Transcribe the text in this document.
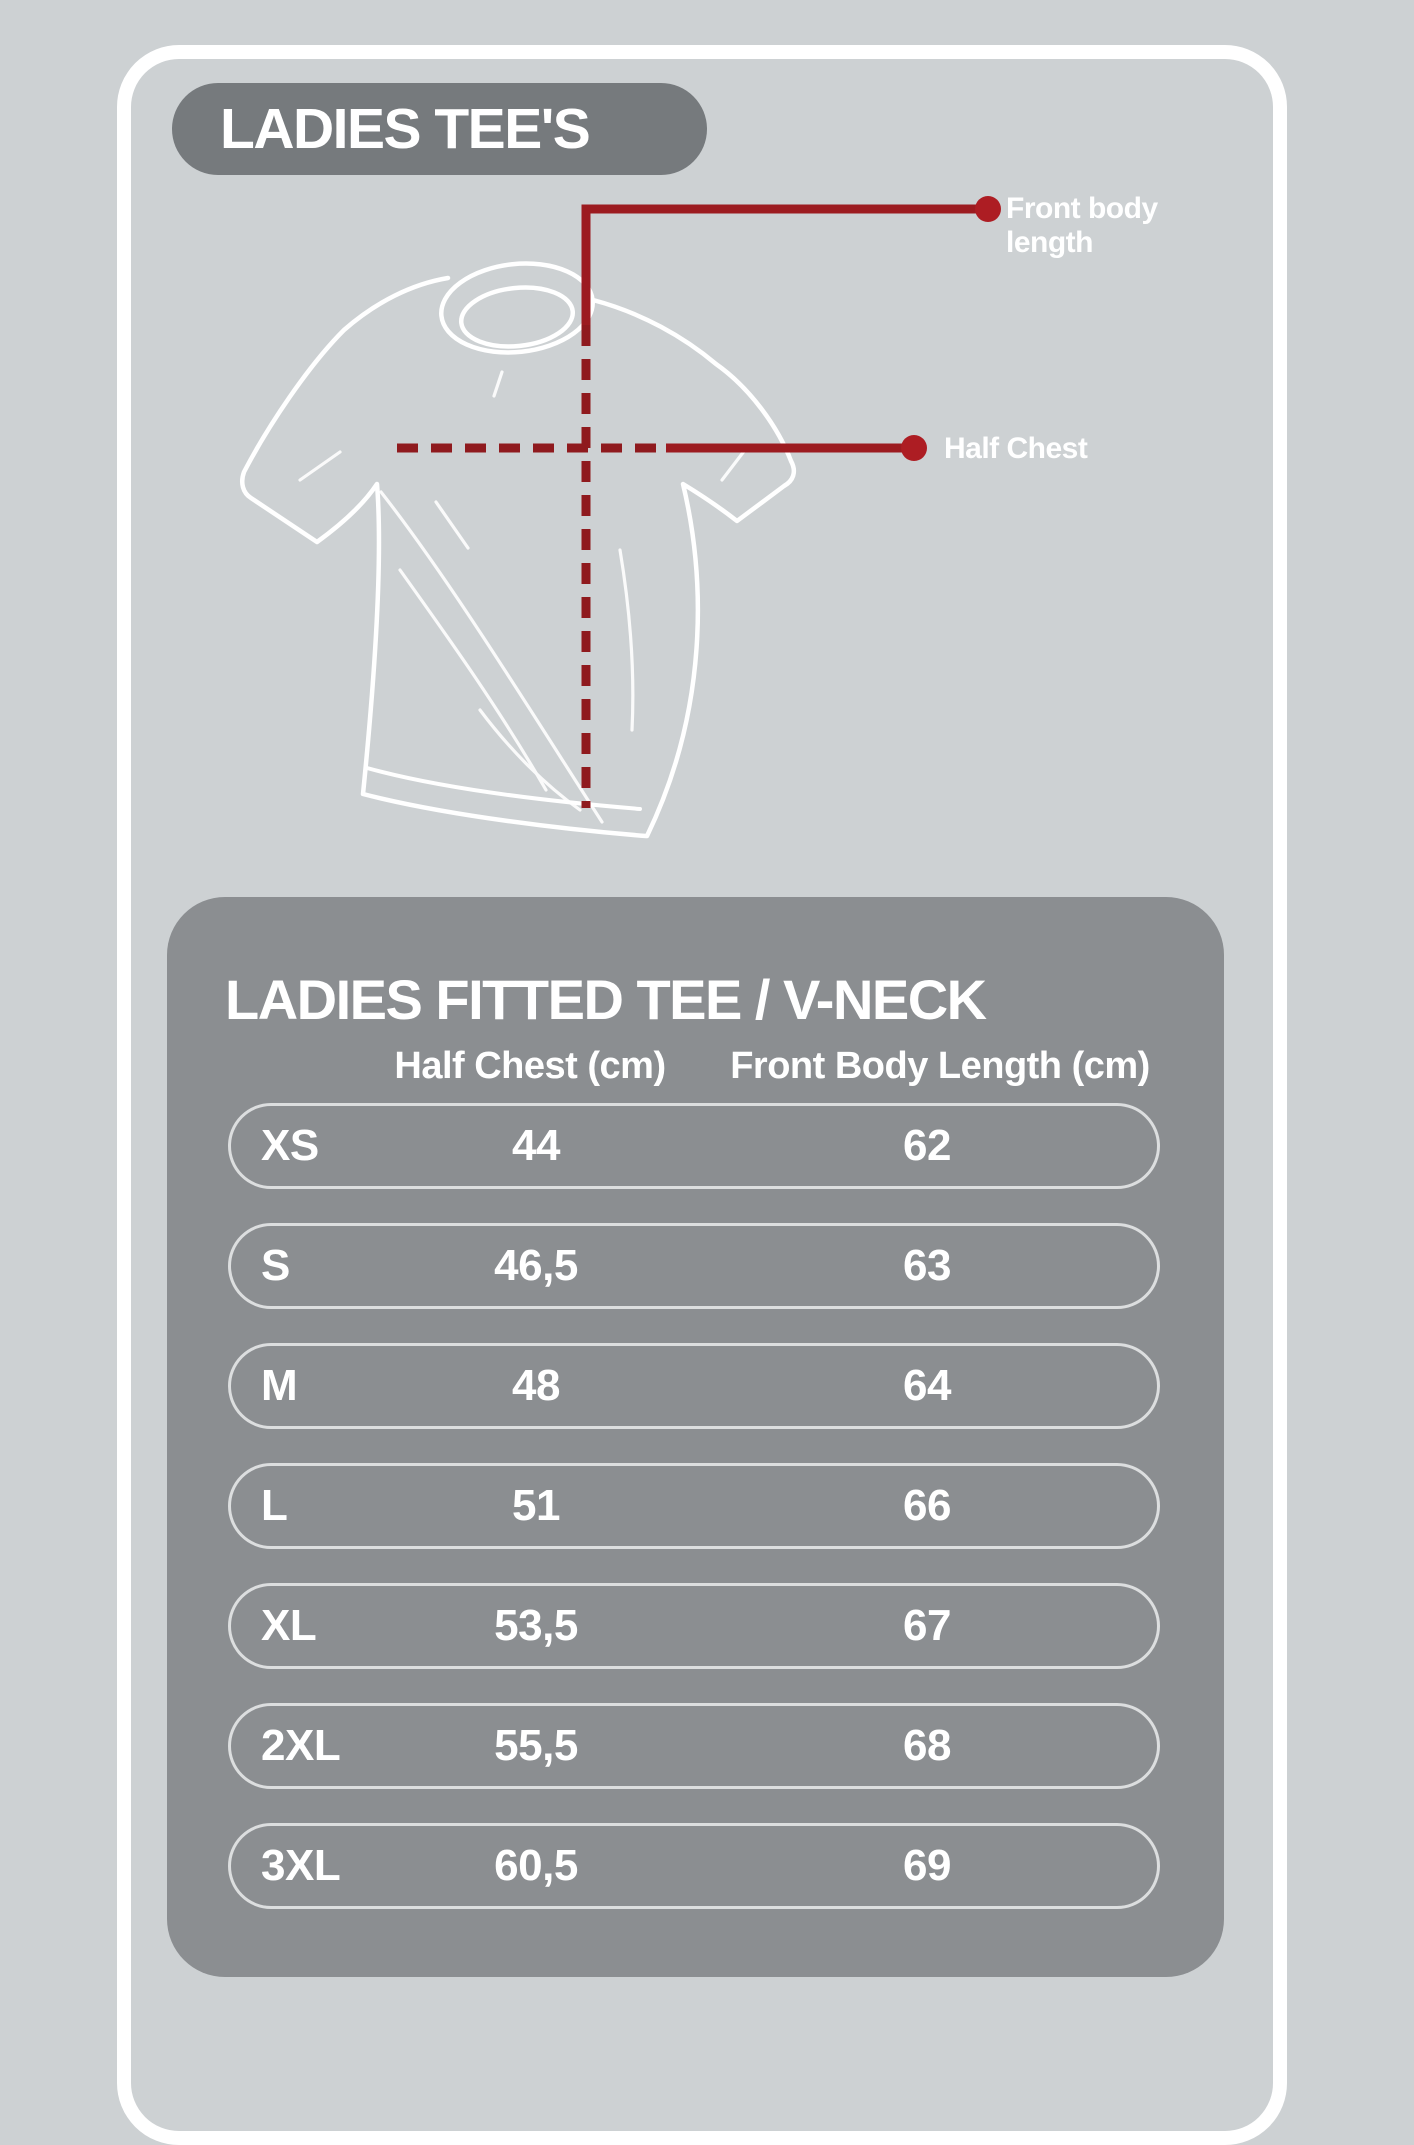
LADIES TEE'S
Front body length
Half Chest
LADIES FITTED TEE / V-NECK
Half Chest (cm) Front Body Length (cm)
XS	44	62
S	46,5	63
M	48	64
L	51	66
XL	53,5	67
2XL	55,5	68
3XL	60,5	69
